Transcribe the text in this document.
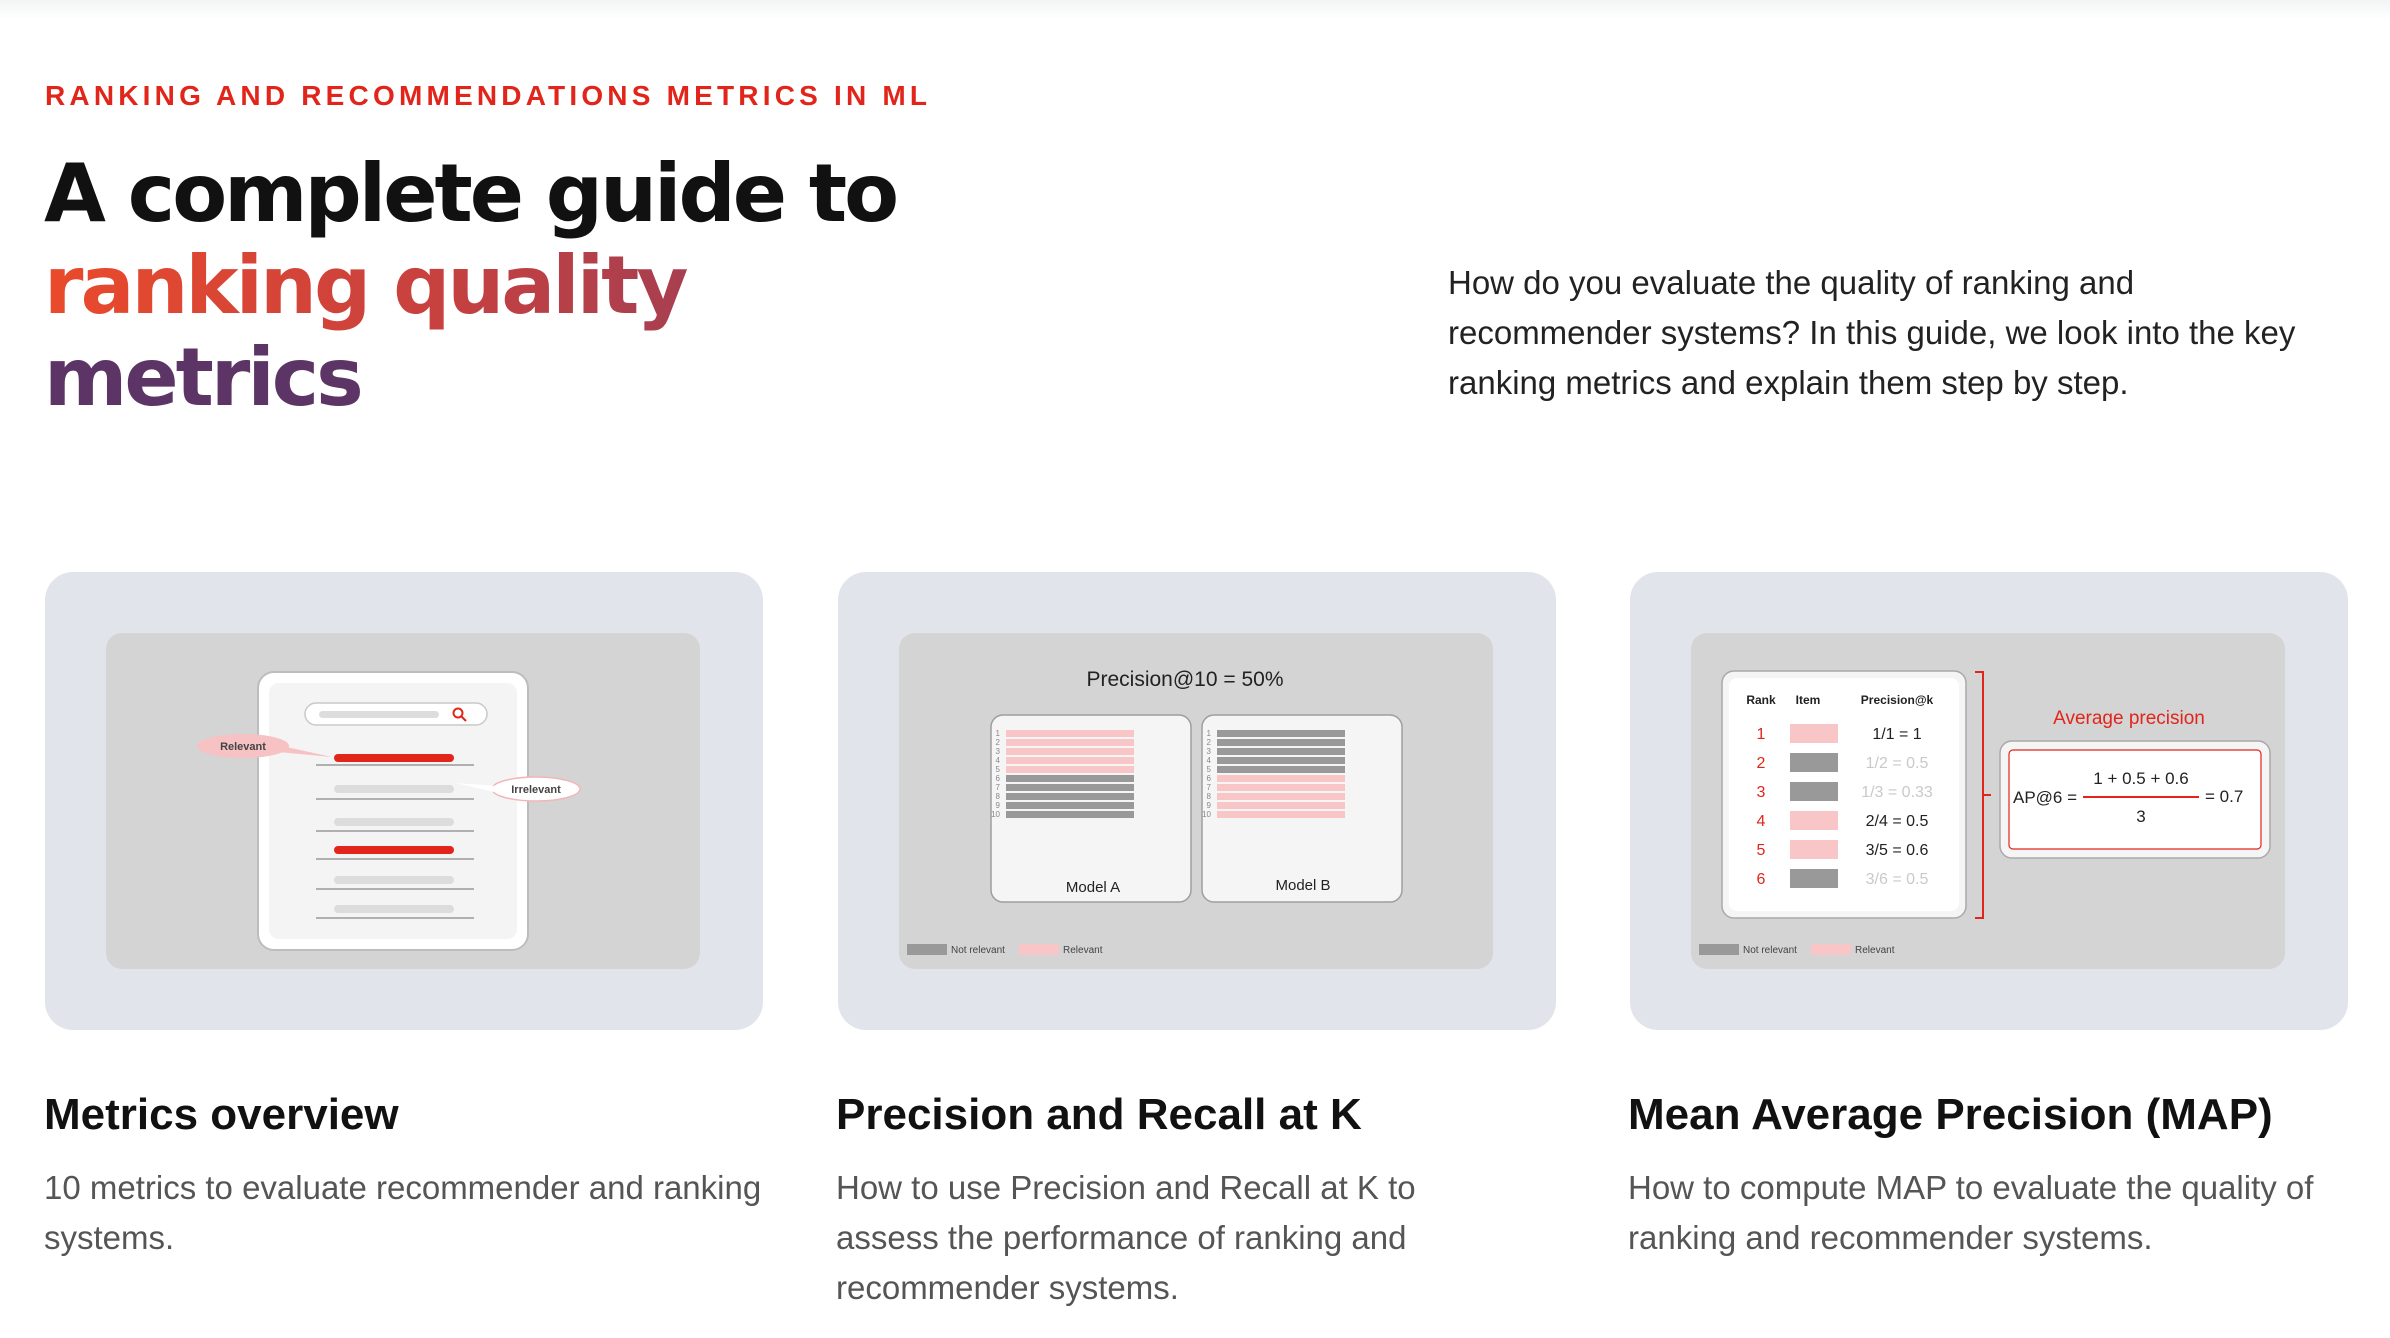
RANKING AND RECOMMENDATIONS METRICS IN ML
A complete guide to
ranking quality
metrics

How do you evaluate the quality of ranking and recommender systems? In this guide, we look into the key ranking metrics and explain them step by step.

Relevant
Irrelevant
Precision@10 = 50%
1
2
3
4
5
6
7
8
9
10
1
2
3
4
5
6
7
8
9
10
Model A	Model B
Not relevant	Relevant
Rank Item	Precision@k
1	1/1 = 1
2	1/2 = 0.5
3	1/3 = 0.33
4	2/4 = 0.5
5	3/5 = 0.6
6	3/6 = 0.5
Average precision
AP@6 =
1 + 0.5 + 0.6
3
= 0.7
Not relevant	Relevant
Metrics overview

10 metrics to evaluate recommender and ranking systems.

Precision and Recall at K

How to use Precision and Recall at K to assess the performance of ranking and recommender systems.

Mean Average Precision (MAP)

How to compute MAP to evaluate the quality of ranking and recommender systems.
